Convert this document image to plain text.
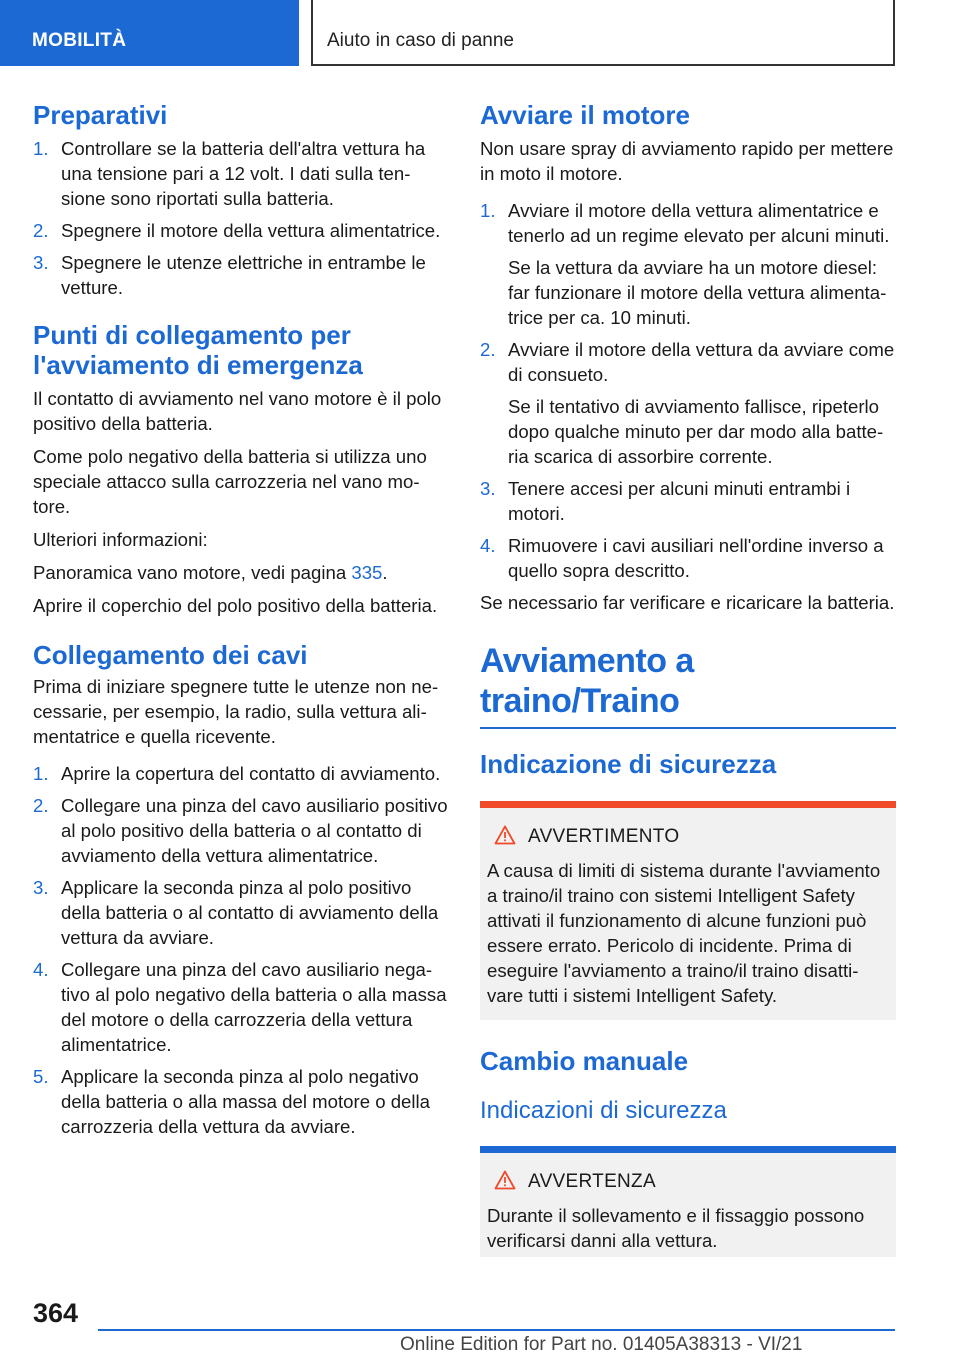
MOBILITÀ	Aiuto in caso di panne
Preparativi
1. Controllare se la batteria dell'altra vettura ha una tensione pari a 12 volt. I dati sulla tensione sono riportati sulla batteria.
2. Spegnere il motore della vettura alimentatrice.
3. Spegnere le utenze elettriche in entrambe le vetture.
Punti di collegamento per l'avviamento di emergenza

Il contatto di avviamento nel vano motore è il polo positivo della batteria.

Come polo negativo della batteria si utilizza uno speciale attacco sulla carrozzeria nel vano motore.

Ulteriori informazioni:

Panoramica vano motore, vedi pagina 335.

Aprire il coperchio del polo positivo della batteria.

Collegamento dei cavi

Prima di iniziare spegnere tutte le utenze non necessarie, per esempio, la radio, sulla vettura alimentatrice e quella ricevente.

1. Aprire la copertura del contatto di avviamento.
2. Collegare una pinza del cavo ausiliario positivo al polo positivo della batteria o al contatto di avviamento della vettura alimentatrice.
3. Applicare la seconda pinza al polo positivo della batteria o al contatto di avviamento della vettura da avviare.
4. Collegare una pinza del cavo ausiliario negativo al polo negativo della batteria o alla massa del motore o della carrozzeria della vettura alimentatrice.
5. Applicare la seconda pinza al polo negativo della batteria o alla massa del motore o della carrozzeria della vettura da avviare.
Avviare il motore

Non usare spray di avviamento rapido per mettere in moto il motore.

1. Avviare il motore della vettura alimentatrice e tenerlo ad un regime elevato per alcuni minuti.

Se la vettura da avviare ha un motore diesel: far funzionare il motore della vettura alimentatrice per ca. 10 minuti.

2. Avviare il motore della vettura da avviare come di consueto.

Se il tentativo di avviamento fallisce, ripeterlo dopo qualche minuto per dar modo alla batteria scarica di assorbire corrente.

3. Tenere accesi per alcuni minuti entrambi i motori.
4. Rimuovere i cavi ausiliari nell'ordine inverso a quello sopra descritto.

Se necessario far verificare e ricaricare la batteria.

Avviamento a traino/Traino
Indicazione di sicurezza
AVVERTIMENTO

A causa di limiti di sistema durante l'avviamento a traino/il traino con sistemi Intelligent Safety attivati il funzionamento di alcune funzioni può essere errato. Pericolo di incidente. Prima di eseguire l'avviamento a traino/il traino disattivare tutti i sistemi Intelligent Safety.

Cambio manuale
Indicazioni di sicurezza
AVVERTENZA

Durante il sollevamento e il fissaggio possono verificarsi danni alla vettura.

364
Online Edition for Part no. 01405A38313 - VI/21
